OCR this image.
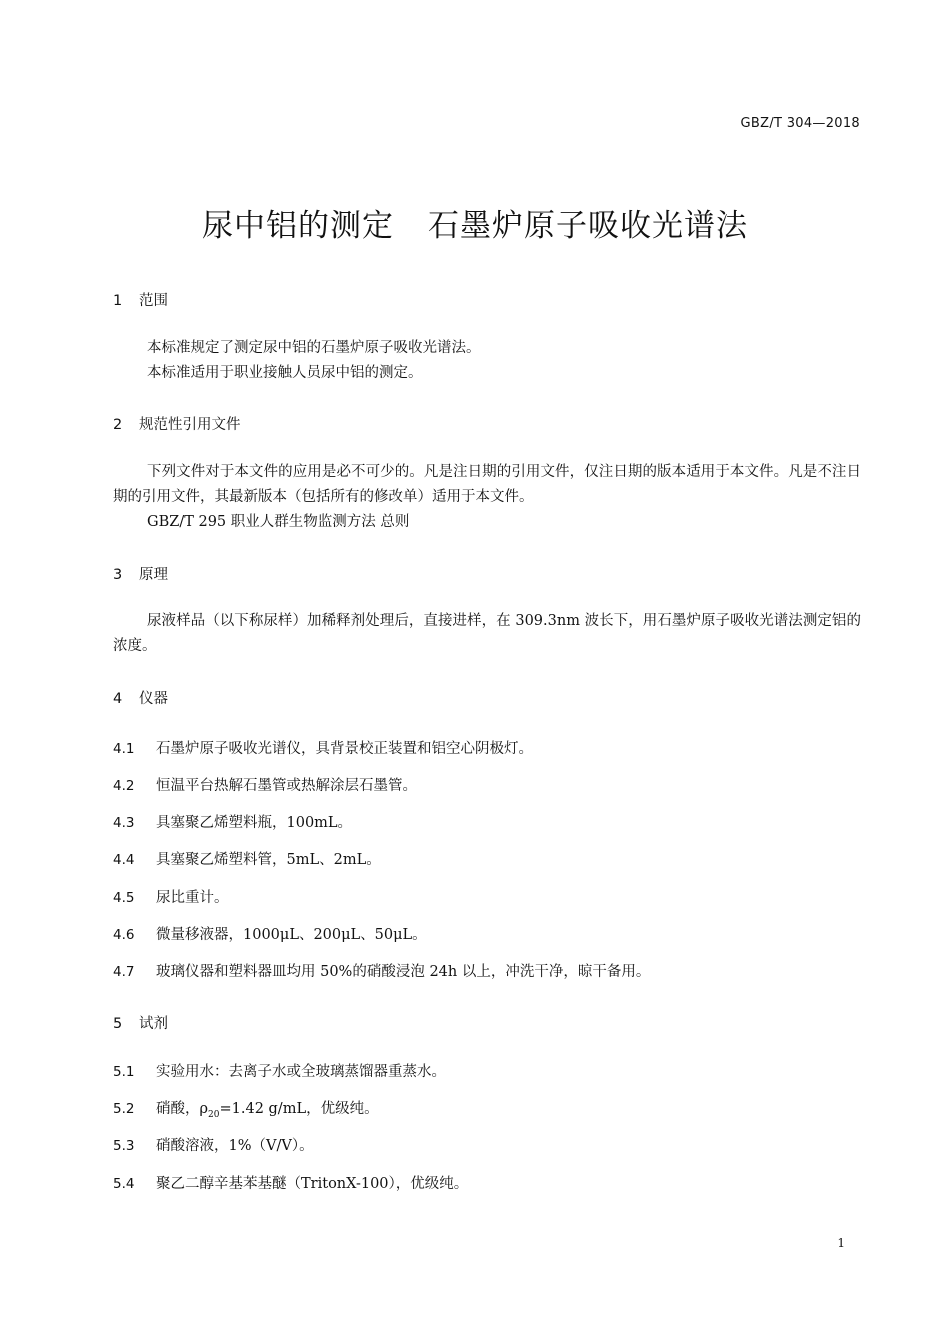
GBZ/T 304—2018
尿中铝的测定 石墨炉原子吸收光谱法
1 范围

本标准规定了测定尿中铝的石墨炉原子吸收光谱法。

本标准适用于职业接触人员尿中铝的测定。

2 规范性引用文件

下列文件对于本文件的应用是必不可少的。凡是注日期的引用文件，仅注日期的版本适用于本文件。凡是不注日期的引用文件，其最新版本（包括所有的修改单）适用于本文件。

GBZ/T 295 职业人群生物监测方法 总则

3 原理

尿液样品（以下称尿样）加稀释剂处理后，直接进样，在 309.3nm 波长下，用石墨炉原子吸收光谱法测定铝的浓度。

4 仪器
4.1 石墨炉原子吸收光谱仪，具背景校正装置和铝空心阴极灯。
4.2 恒温平台热解石墨管或热解涂层石墨管。
4.3 具塞聚乙烯塑料瓶，100mL。
4.4 具塞聚乙烯塑料管，5mL、2mL。
4.5 尿比重计。
4.6 微量移液器，1000μL、200μL、50μL。
4.7 玻璃仪器和塑料器皿均用 50%的硝酸浸泡 24h 以上，冲洗干净，晾干备用。
5 试剂
5.1 实验用水：去离子水或全玻璃蒸馏器重蒸水。
5.2 硝酸，$\rho_{20}=1.42$ g/mL，优级纯。
5.3 硝酸溶液，1%（V/V）。
5.4 聚乙二醇辛基苯基醚（TritonX-100），优级纯。
1
